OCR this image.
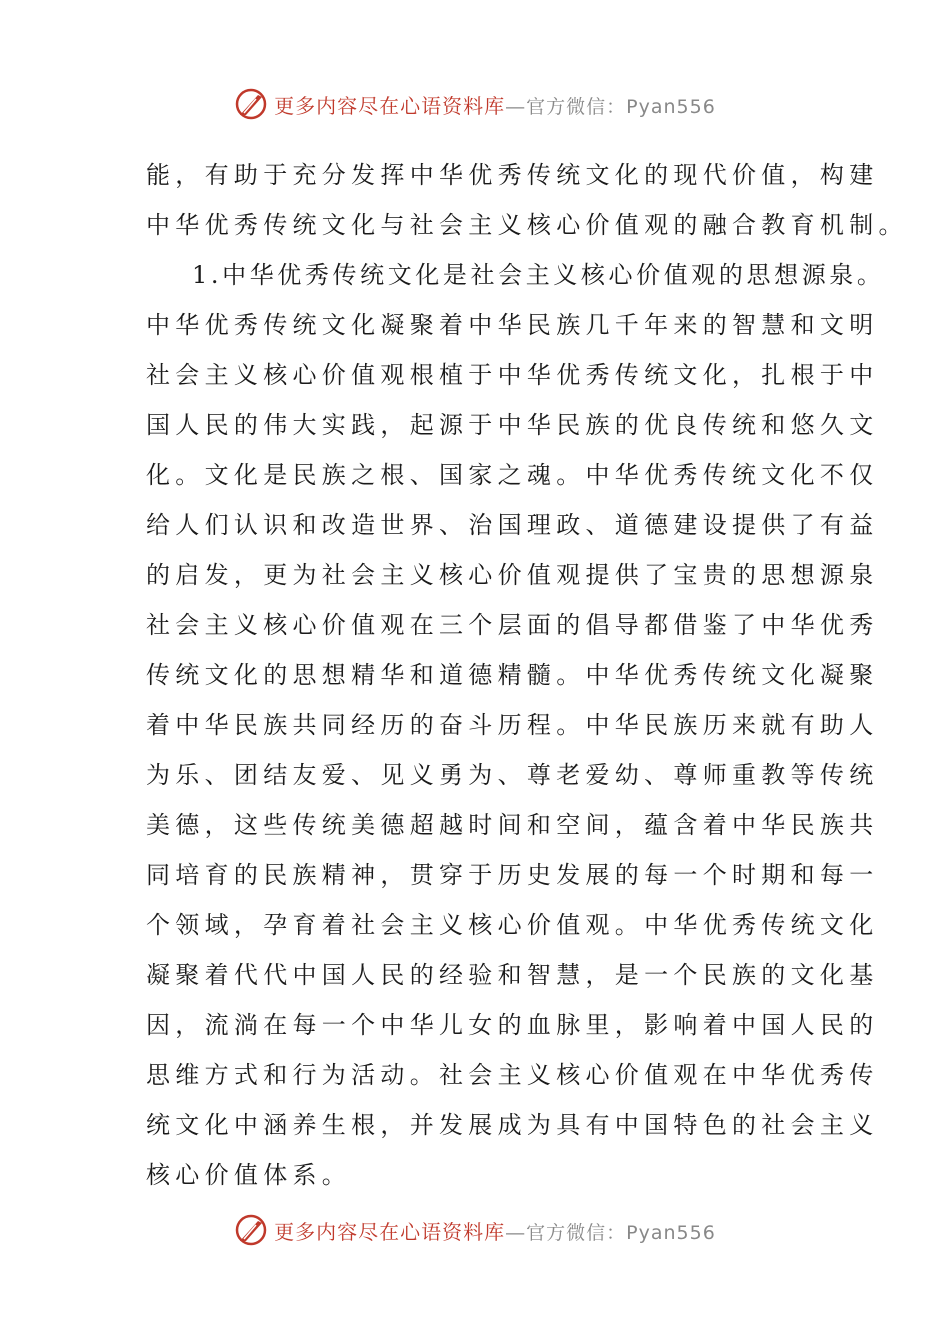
更多内容尽在心语资料库—官方微信：Pyan556
能，有助于充分发挥中华优秀传统文化的现代价值，构建
中华优秀传统文化与社会主义核心价值观的融合教育机制。
1.中华优秀传统文化是社会主义核心价值观的思想源泉。
中华优秀传统文化凝聚着中华民族几千年来的智慧和文明
社会主义核心价值观根植于中华优秀传统文化，扎根于中
国人民的伟大实践，起源于中华民族的优良传统和悠久文
化。文化是民族之根、国家之魂。中华优秀传统文化不仅
给人们认识和改造世界、治国理政、道德建设提供了有益
的启发，更为社会主义核心价值观提供了宝贵的思想源泉
社会主义核心价值观在三个层面的倡导都借鉴了中华优秀
传统文化的思想精华和道德精髓。中华优秀传统文化凝聚
着中华民族共同经历的奋斗历程。中华民族历来就有助人
为乐、团结友爱、见义勇为、尊老爱幼、尊师重教等传统
美德，这些传统美德超越时间和空间，蕴含着中华民族共
同培育的民族精神，贯穿于历史发展的每一个时期和每一
个领域，孕育着社会主义核心价值观。中华优秀传统文化
凝聚着代代中国人民的经验和智慧，是一个民族的文化基
因，流淌在每一个中华儿女的血脉里，影响着中国人民的
思维方式和行为活动。社会主义核心价值观在中华优秀传
统文化中涵养生根，并发展成为具有中国特色的社会主义
核心价值体系。
更多内容尽在心语资料库—官方微信：Pyan556
